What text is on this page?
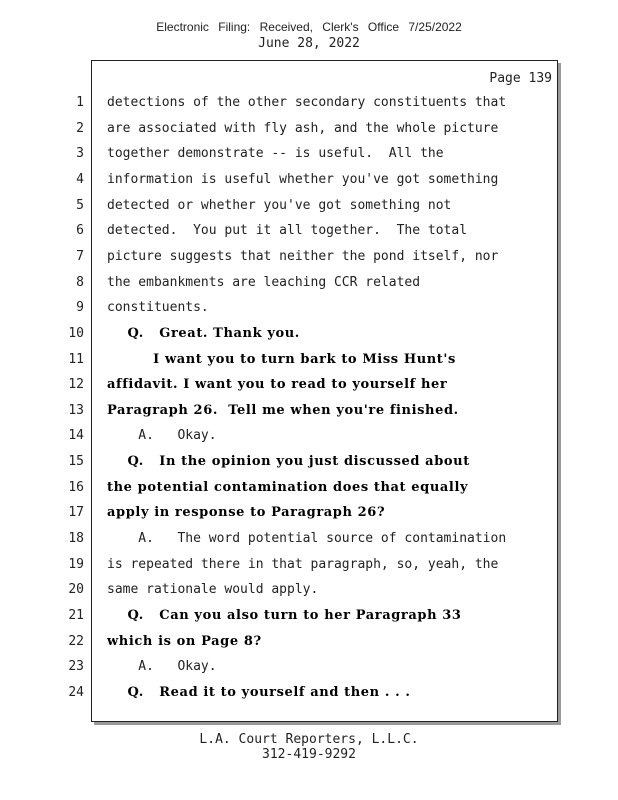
Electronic Filing: Received, Clerk's Office 7/25/2022
June 28, 2022
Page 139
1 detections of the other secondary constituents that
2 are associated with fly ash, and the whole picture
3 together demonstrate -- is useful.  All the
4 information is useful whether you've got something
5 detected or whether you've got something not
6 detected.  You put it all together.  The total
7 picture suggests that neither the pond itself, nor
8 the embankments are leaching CCR related
9 constituents.
10 Q.   Great. Thank you.
11 I want you to turn bark to Miss Hunt's
12 affidavit. I want you to read to yourself her
13 Paragraph 26.  Tell me when you're finished.
14 A.   Okay.
15 Q.   In the opinion you just discussed about
16 the potential contamination does that equally
17 apply in response to Paragraph 26?
18 A.   The word potential source of contamination
19 is repeated there in that paragraph, so, yeah, the
20 same rationale would apply.
21 Q.   Can you also turn to her Paragraph 33
22 which is on Page 8?
23 A.   Okay.
24 Q.   Read it to yourself and then . . .
L.A. Court Reporters, L.L.C.
312-419-9292
